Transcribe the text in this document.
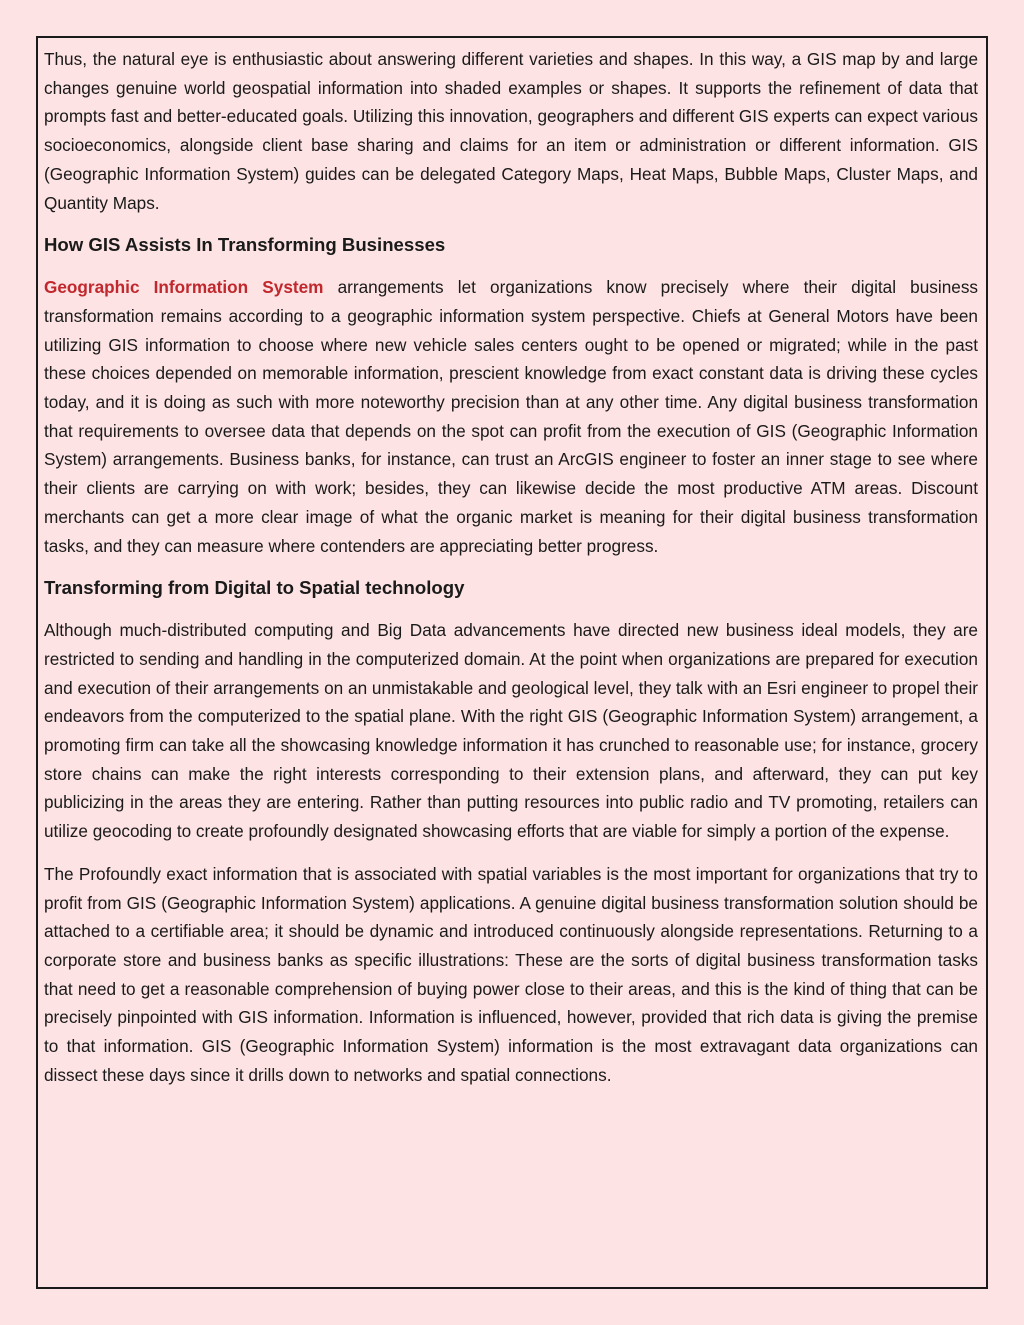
Thus, the natural eye is enthusiastic about answering different varieties and shapes. In this way, a GIS map by and large changes genuine world geospatial information into shaded examples or shapes. It supports the refinement of data that prompts fast and better-educated goals. Utilizing this innovation, geographers and different GIS experts can expect various socioeconomics, alongside client base sharing and claims for an item or administration or different information. GIS (Geographic Information System) guides can be delegated Category Maps, Heat Maps, Bubble Maps, Cluster Maps, and Quantity Maps.

How GIS Assists In Transforming Businesses

Geographic Information System arrangements let organizations know precisely where their digital business transformation remains according to a geographic information system perspective. Chiefs at General Motors have been utilizing GIS information to choose where new vehicle sales centers ought to be opened or migrated; while in the past these choices depended on memorable information, prescient knowledge from exact constant data is driving these cycles today, and it is doing as such with more noteworthy precision than at any other time. Any digital business transformation that requirements to oversee data that depends on the spot can profit from the execution of GIS (Geographic Information System) arrangements. Business banks, for instance, can trust an ArcGIS engineer to foster an inner stage to see where their clients are carrying on with work; besides, they can likewise decide the most productive ATM areas. Discount merchants can get a more clear image of what the organic market is meaning for their digital business transformation tasks, and they can measure where contenders are appreciating better progress.

Transforming from Digital to Spatial technology

Although much-distributed computing and Big Data advancements have directed new business ideal models, they are restricted to sending and handling in the computerized domain. At the point when organizations are prepared for execution and execution of their arrangements on an unmistakable and geological level, they talk with an Esri engineer to propel their endeavors from the computerized to the spatial plane. With the right GIS (Geographic Information System) arrangement, a promoting firm can take all the showcasing knowledge information it has crunched to reasonable use; for instance, grocery store chains can make the right interests corresponding to their extension plans, and afterward, they can put key publicizing in the areas they are entering. Rather than putting resources into public radio and TV promoting, retailers can utilize geocoding to create profoundly designated showcasing efforts that are viable for simply a portion of the expense.

The Profoundly exact information that is associated with spatial variables is the most important for organizations that try to profit from GIS (Geographic Information System) applications. A genuine digital business transformation solution should be attached to a certifiable area; it should be dynamic and introduced continuously alongside representations. Returning to a corporate store and business banks as specific illustrations: These are the sorts of digital business transformation tasks that need to get a reasonable comprehension of buying power close to their areas, and this is the kind of thing that can be precisely pinpointed with GIS information. Information is influenced, however, provided that rich data is giving the premise to that information. GIS (Geographic Information System) information is the most extravagant data organizations can dissect these days since it drills down to networks and spatial connections.
